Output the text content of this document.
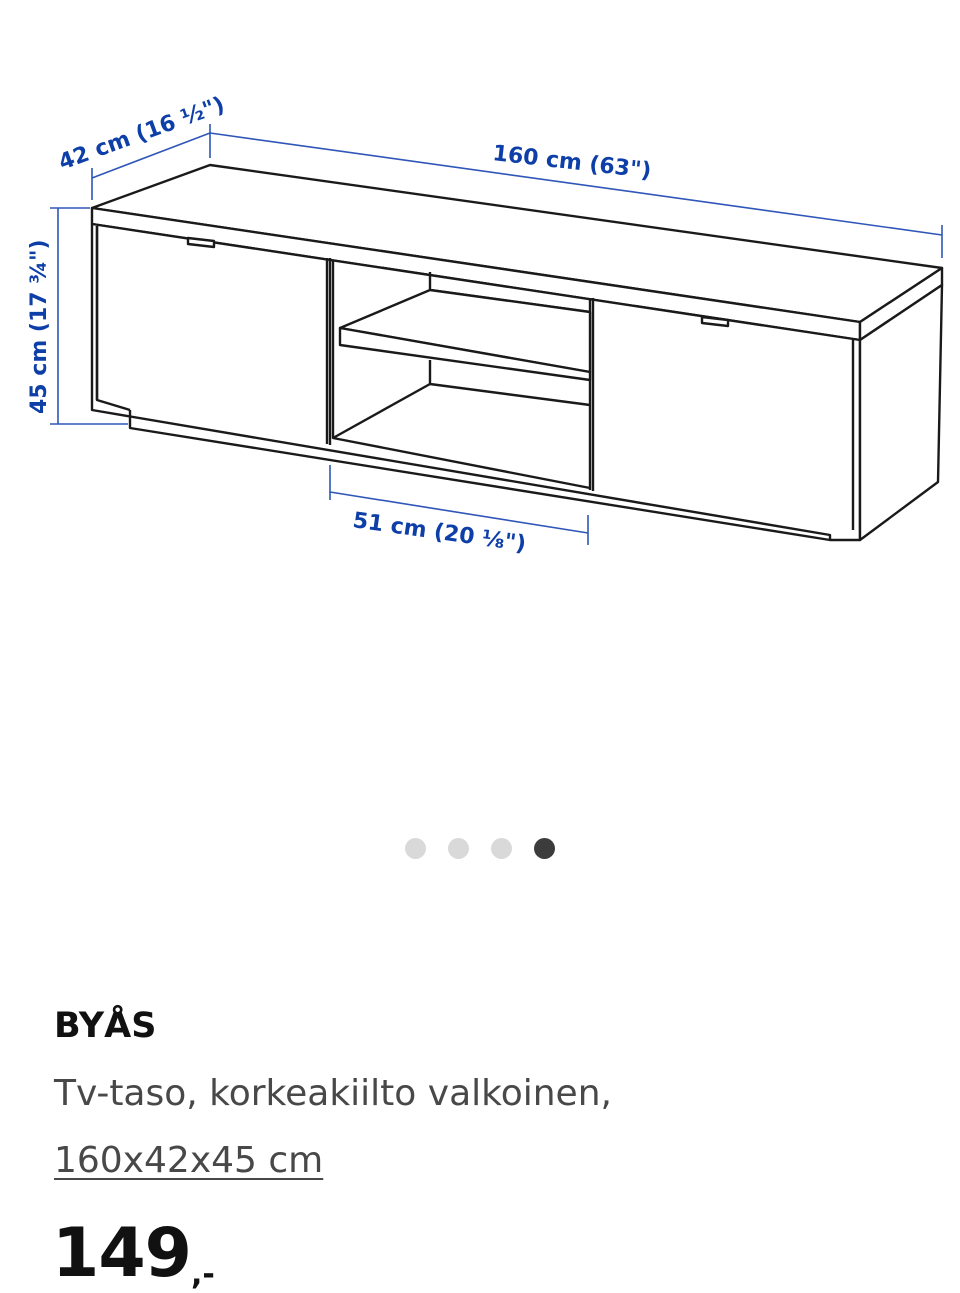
42 cm (16 ½")	160 cm (63")
45 cm (17 ¾")
51 cm (20 ⅛")
BYÅS
Tv-taso, korkeakiilto valkoinen,
160x42x45 cm
149,-
